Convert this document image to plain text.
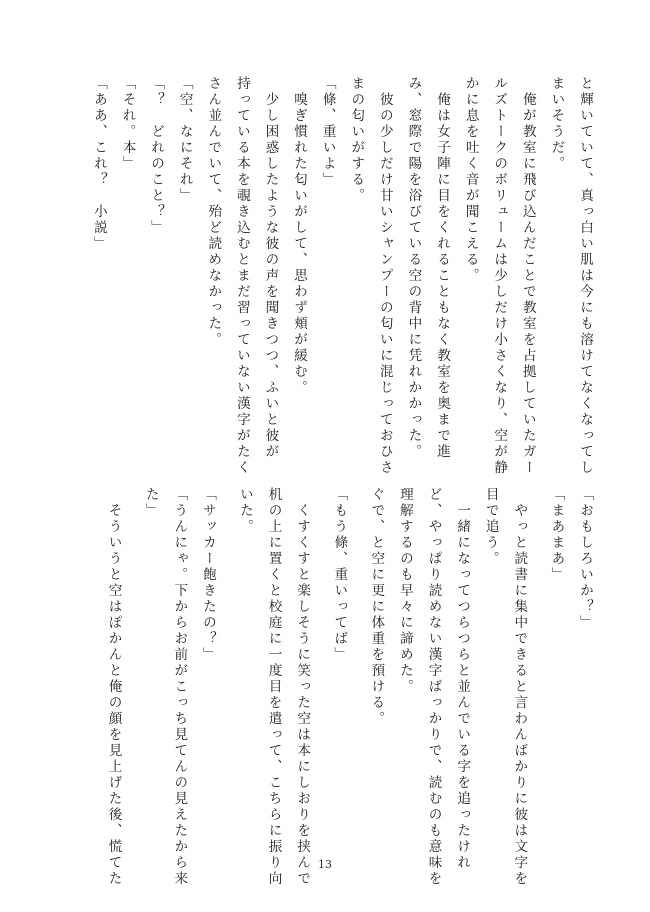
と輝いていて、真っ白い肌は今にも溶けてなくなってし

まいそうだ。

　俺が教室に飛び込んだことで教室を占拠していたガー

ルズトークのボリュームは少しだけ小さくなり、空が静

かに息を吐く音が聞こえる。

　俺は女子陣に目をくれることもなく教室を奥まで進

み、窓際で陽を浴びている空の背中に凭れかかった。

　彼の少しだけ甘いシャンプーの匂いに混じっておひさ

まの匂いがする。

「條、重いよ」

　嗅ぎ慣れた匂いがして、思わず頬が緩む。

　少し困惑したような彼の声を聞きつつ、ふいと彼が

持っている本を覗き込むとまだ習っていない漢字がたく

さん並んでいて、殆ど読めなかった。

「空、なにそれ」

「？　どれのこと？」

「それ。本」

「ああ、これ？　小説」

「おもしろいか？」

「まあまあ」

　やっと読書に集中できると言わんばかりに彼は文字を

目で追う。

　一緒になってつらつらと並んでいる字を追ったけれ

ど、やっぱり読めない漢字ばっかりで、読むのも意味を

理解するのも早々に諦めた。

ぐで、と空に更に体重を預ける。

「もう條、重いってば」

　くすくすと楽しそうに笑った空は本にしおりを挟んで

机の上に置くと校庭に一度目を遣って、こちらに振り向

いた。

「サッカー飽きたの？」

「うんにゃ。下からお前がこっち見てんの見えたから来

た」

　そういうと空はぽかんと俺の顔を見上げた後、慌てた	13
